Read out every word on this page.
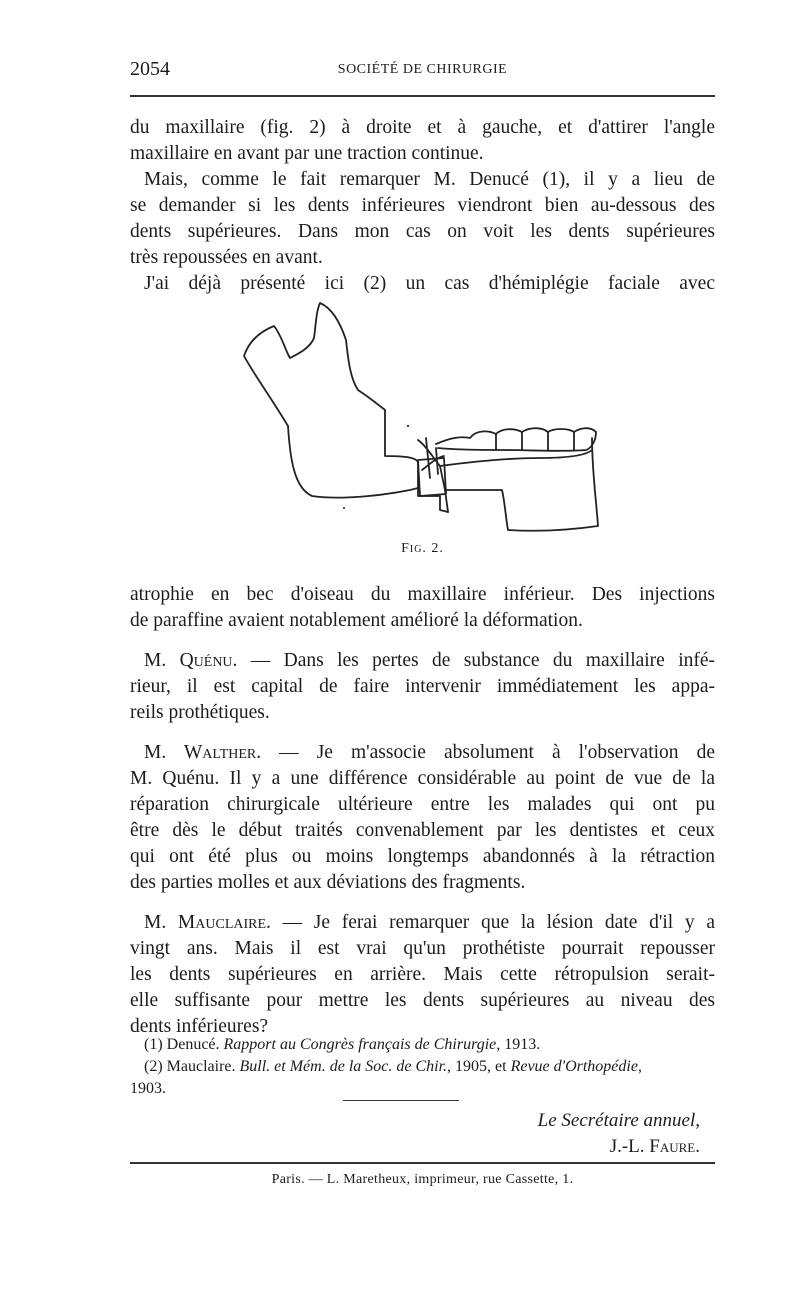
2054	SOCIÉTÉ DE CHIRURGIE
du maxillaire (fig. 2) à droite et à gauche, et d'attirer l'angle
maxillaire en avant par une traction continue.
Mais, comme le fait remarquer M. Denucé (1), il y a lieu de
se demander si les dents inférieures viendront bien au-dessous des
dents supérieures. Dans mon cas on voit les dents supérieures
très repoussées en avant.
J'ai déjà présenté ici (2) un cas d'hémiplégie faciale avec
Fig. 2.
atrophie en bec d'oiseau du maxillaire inférieur. Des injections
de paraffine avaient notablement amélioré la déformation.
M. Quénu. — Dans les pertes de substance du maxillaire infé-
rieur, il est capital de faire intervenir immédiatement les appa-
reils prothétiques.
M. Walther. — Je m'associe absolument à l'observation de
M. Quénu. Il y a une différence considérable au point de vue de la
réparation chirurgicale ultérieure entre les malades qui ont pu
être dès le début traités convenablement par les dentistes et ceux
qui ont été plus ou moins longtemps abandonnés à la rétraction
des parties molles et aux déviations des fragments.
M. Mauclaire. — Je ferai remarquer que la lésion date d'il y a
vingt ans. Mais il est vrai qu'un prothétiste pourrait repousser
les dents supérieures en arrière. Mais cette rétropulsion serait-
elle suffisante pour mettre les dents supérieures au niveau des
dents inférieures?
(1) Denucé. Rapport au Congrès français de Chirurgie, 1913.
(2) Mauclaire. Bull. et Mém. de la Soc. de Chir., 1905, et Revue d'Orthopédie,
1903.
Le Secrétaire annuel,
J.-L. Faure.
Paris. — L. Maretheux, imprimeur, rue Cassette, 1.
